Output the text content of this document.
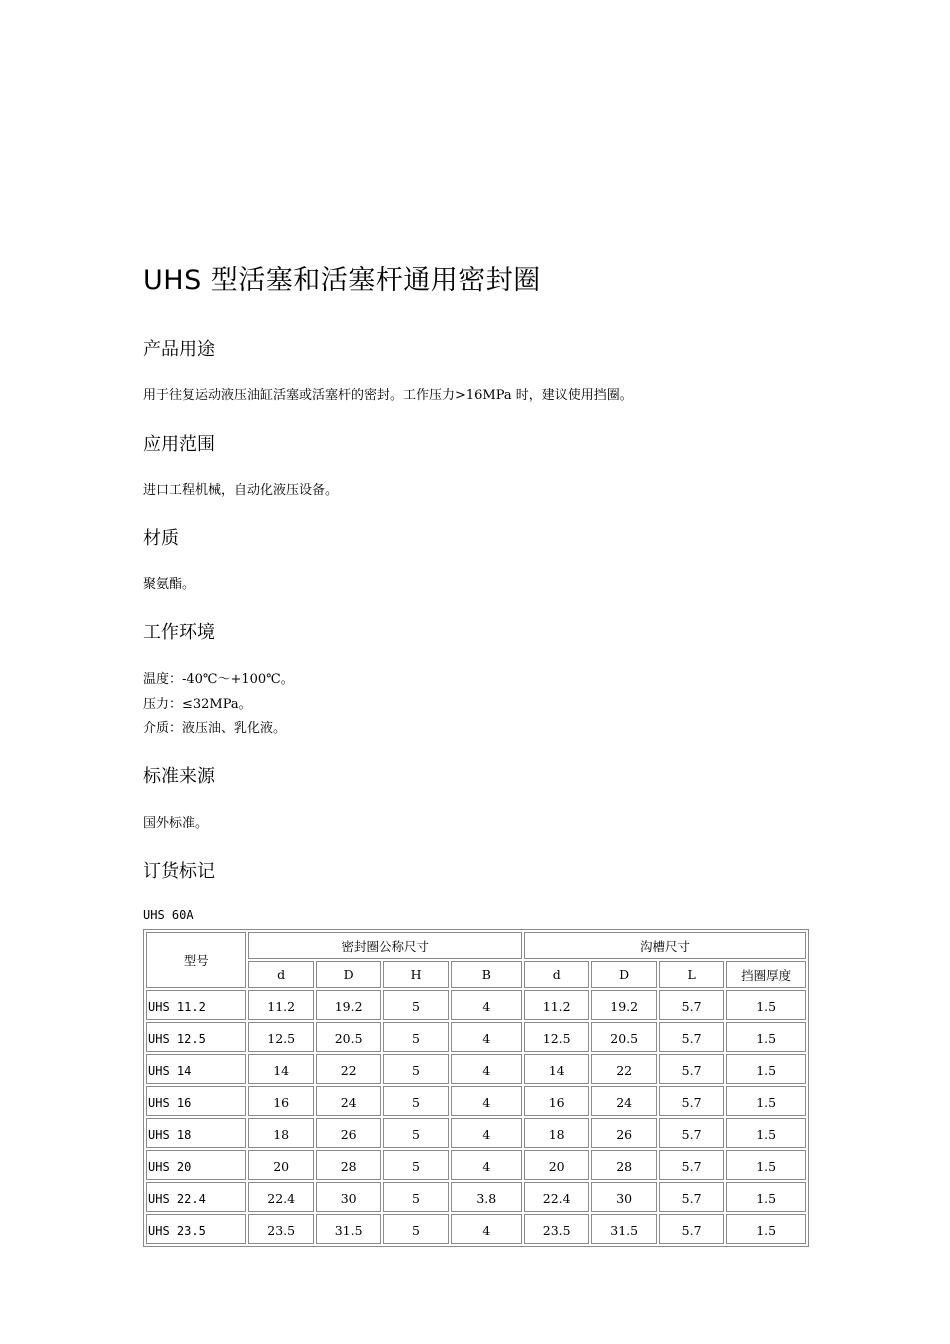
UHS 型活塞和活塞杆通用密封圈
产品用途

用于往复运动液压油缸活塞或活塞杆的密封。工作压力>16MPa 时，建议使用挡圈。

应用范围

进口工程机械，自动化液压设备。

材质

聚氨酯。

工作环境

温度：-40℃～+100℃。

压力：≤32MPa。

介质：液压油、乳化液。

标准来源

国外标准。

订货标记
UHS 60A
型号	密封圈公称尺寸				沟槽尺寸			
	d	D	H	B	d	D	L	挡圈厚度
UHS 11.2	11.2	19.2	5	4	11.2	19.2	5.7	1.5
UHS 12.5	12.5	20.5	5	4	12.5	20.5	5.7	1.5
UHS 14	14	22	5	4	14	22	5.7	1.5
UHS 16	16	24	5	4	16	24	5.7	1.5
UHS 18	18	26	5	4	18	26	5.7	1.5
UHS 20	20	28	5	4	20	28	5.7	1.5
UHS 22.4	22.4	30	5	3.8	22.4	30	5.7	1.5
UHS 23.5	23.5	31.5	5	4	23.5	31.5	5.7	1.5
